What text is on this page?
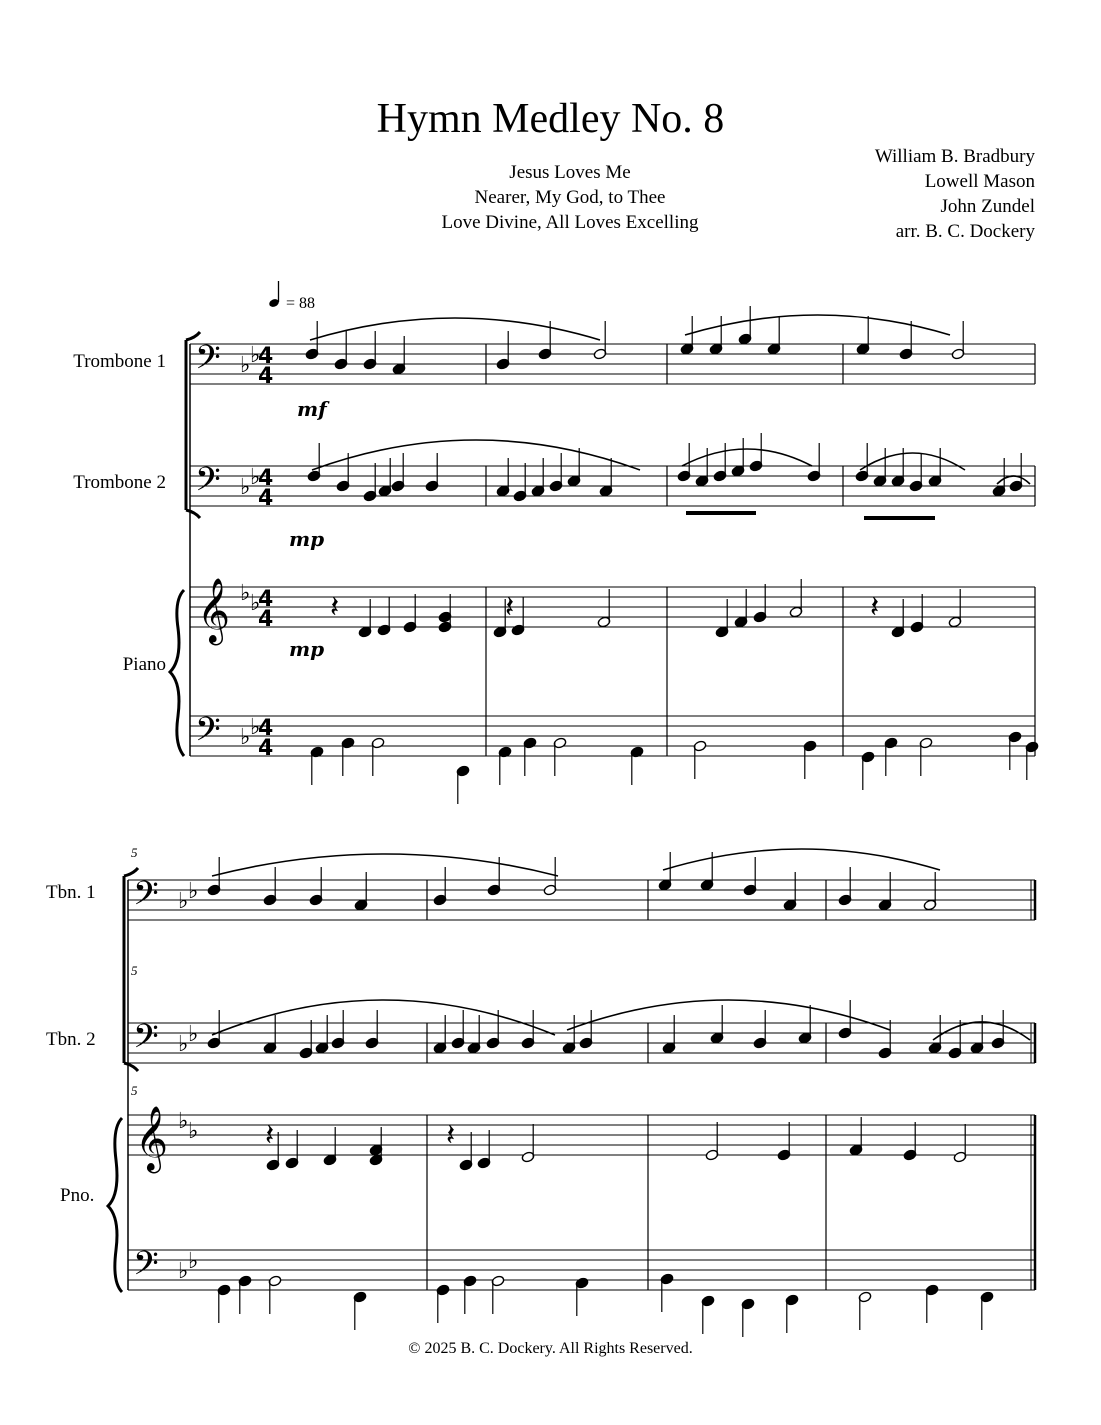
Hymn Medley No. 8
Jesus Loves Me
Nearer, My God, to Thee
Love Divine, All Loves Excelling
William B. Bradbury
Lowell Mason
John Zundel
arr. B. C. Dockery
Trombone 1
Trombone 2
Piano
Tbn. 1
Tbn. 2
Pno.
= 88
mf
mp
mp
5
5
5
𝄢 ♭ ♭
4
4
𝄢 ♭ ♭
4
4
𝄞 ♭ ♭
4
4
𝄢 ♭ ♭
4
4
𝄽	𝄽	𝄽
𝄢 ♭ ♭
𝄢 ♭ ♭
𝄞 ♭ ♭
𝄢 ♭ ♭
𝄽	𝄽
© 2025 B. C. Dockery. All Rights Reserved.
